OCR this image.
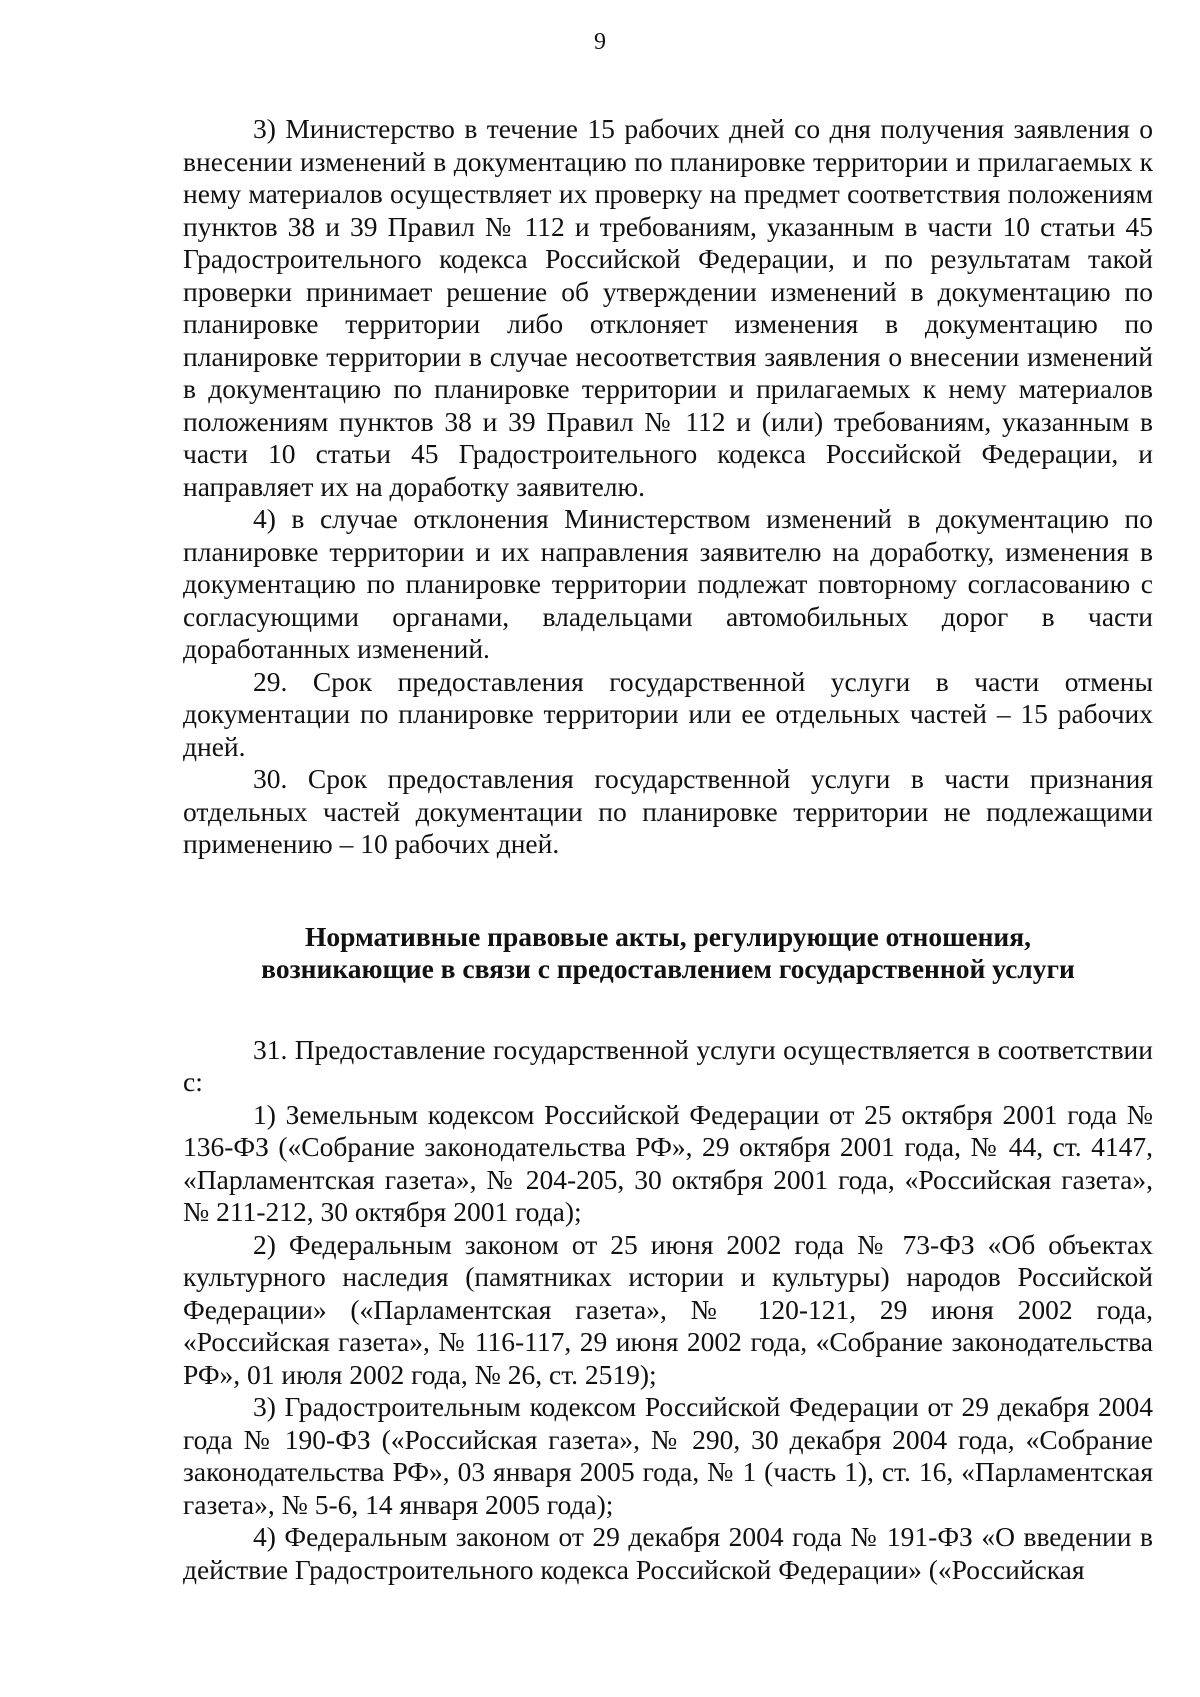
9

3) Министерство в течение 15 рабочих дней со дня получения заявления о внесении изменений в документацию по планировке территории и прилагаемых к нему материалов осуществляет их проверку на предмет соответствия положениям пунктов 38 и 39 Правил № 112 и требованиям, указанным в части 10 статьи 45 Градостроительного кодекса Российской Федерации, и по результатам такой проверки принимает решение об утверждении изменений в документацию по планировке территории либо отклоняет изменения в документацию по планировке территории в случае несоответствия заявления о внесении изменений в документацию по планировке территории и прилагаемых к нему материалов положениям пунктов 38 и 39 Правил № 112 и (или) требованиям, указанным в части 10 статьи 45 Градостроительного кодекса Российской Федерации, и направляет их на доработку заявителю.

4) в случае отклонения Министерством изменений в документацию по планировке территории и их направления заявителю на доработку, изменения в документацию по планировке территории подлежат повторному согласованию с согласующими органами, владельцами автомобильных дорог в части доработанных изменений.

29. Срок предоставления государственной услуги в части отмены документации по планировке территории или ее отдельных частей – 15 рабочих дней.

30. Срок предоставления государственной услуги в части признания отдельных частей документации по планировке территории не подлежащими применению – 10 рабочих дней.

Нормативные правовые акты, регулирующие отношения,
возникающие в связи с предоставлением государственной услуги

31. Предоставление государственной услуги осуществляется в соответствии с:

1) Земельным кодексом Российской Федерации от 25 октября 2001 года № 136-ФЗ («Собрание законодательства РФ», 29 октября 2001 года, № 44, ст. 4147, «Парламентская газета», № 204-205, 30 октября 2001 года, «Российская газета», № 211-212, 30 октября 2001 года);

2) Федеральным законом от 25 июня 2002 года № 73-ФЗ «Об объектах культурного наследия (памятниках истории и культуры) народов Российской Федерации» («Парламентская газета», № 120-121, 29 июня 2002 года, «Российская газета», № 116-117, 29 июня 2002 года, «Собрание законодательства РФ», 01 июля 2002 года, № 26, ст. 2519);

3) Градостроительным кодексом Российской Федерации от 29 декабря 2004 года № 190-ФЗ («Российская газета», № 290, 30 декабря 2004 года, «Собрание законодательства РФ», 03 января 2005 года, № 1 (часть 1), ст. 16, «Парламентская газета», № 5-6, 14 января 2005 года);

4) Федеральным законом от 29 декабря 2004 года № 191-ФЗ «О введении в действие Градостроительного кодекса Российской Федерации» («Российская
